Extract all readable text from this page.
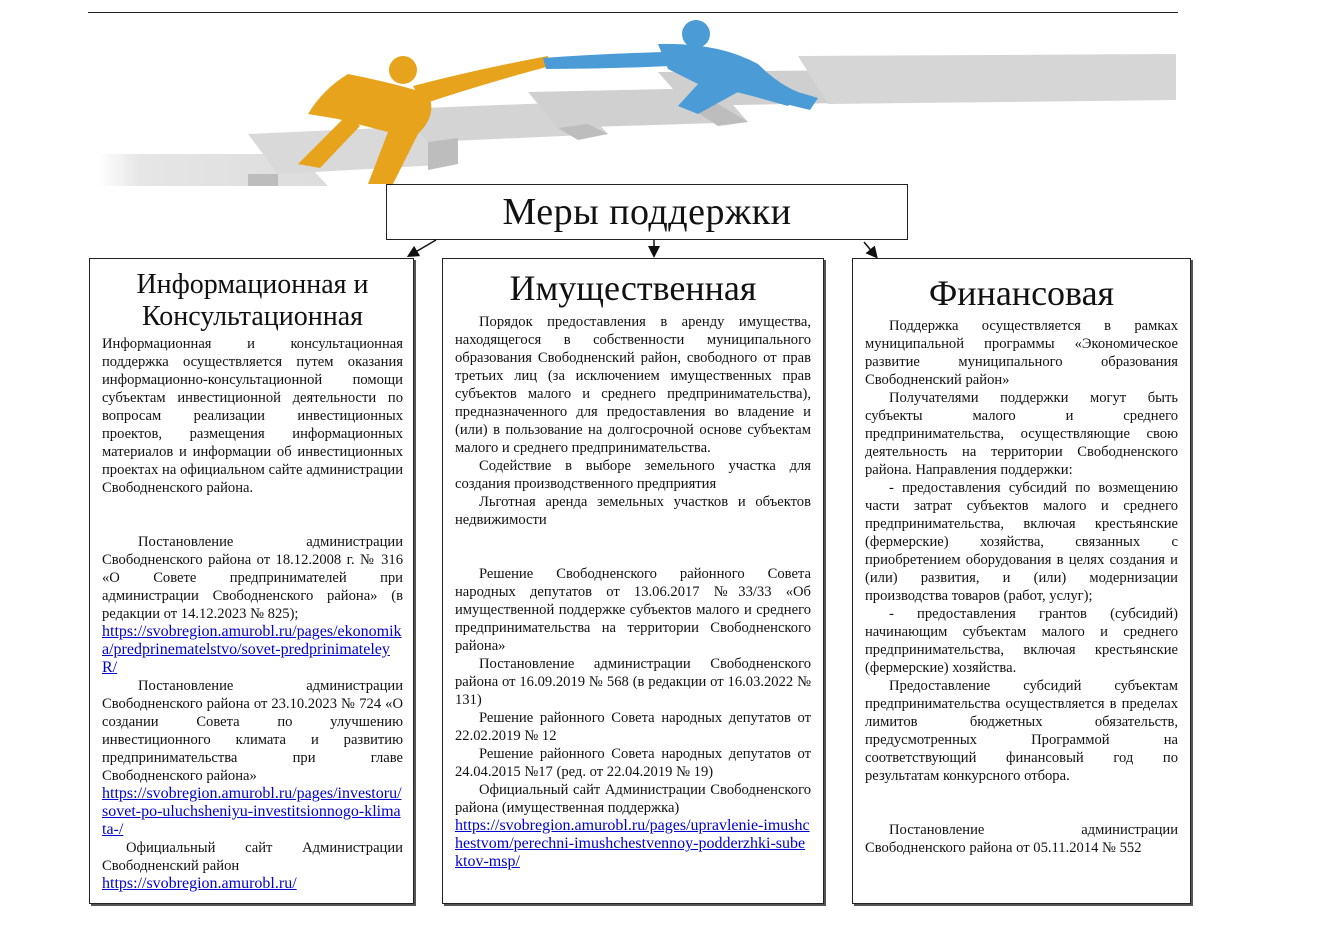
Меры поддержки
Информационная и Консультационная

Информационная и консультационная поддержка осуществляется путем оказания информационно-консультационной помощи субъектам инвестиционной деятельности по вопросам реализации инвестиционных проектов, размещения информационных материалов и информации об инвестиционных проектах на официальном сайте администрации Свободненского района.

Постановление администрации Свободненского района от 18.12.2008 г. № 316 «О Совете предпринимателей при администрации Свободненского района» (в редакции от 14.12.2023 № 825);

https://svobregion.amurobl.ru/pages/ekonomika/predprinematelstvo/sovet-predprinimateleyR/

Постановление администрации Свободненского района от 23.10.2023 № 724 «О создании Совета по улучшению инвестиционного климата и развитию предпринимательства при главе Свободненского района»

https://svobregion.amurobl.ru/pages/investoru/sovet-po-uluchsheniyu-investitsionnogo-klimata-/

Официальный сайт Администрации Свободненский район

https://svobregion.amurobl.ru/
Имущественная

Порядок предоставления в аренду имущества, находящегося в собственности муниципального образования Свободненский район, свободного от прав третьих лиц (за исключением имущественных прав субъектов малого и среднего предпринимательства), предназначенного для предоставления во владение и (или) в пользование на долгосрочной основе субъектам малого и среднего предпринимательства.

Содействие в выборе земельного участка для создания производственного предприятия

Льготная аренда земельных участков и объектов недвижимости

Решение Свободненского районного Совета народных депутатов от 13.06.2017 №33/33 «Об имущественной поддержке субъектов малого и среднего предпринимательства на территории Свободненского района»

Постановление администрации Свободненского района от 16.09.2019 № 568 (в редакции от 16.03.2022 № 131)

Решение районного Совета народных депутатов от 22.02.2019 № 12

Решение районного Совета народных депутатов от 24.04.2015 №17 (ред. от 22.04.2019 № 19)

Официальный сайт Администрации Свободненского района (имущественная поддержка)

https://svobregion.amurobl.ru/pages/upravlenie-imushchestvom/perechni-imushchestvennoy-podderzhki-subektov-msp/
Финансовая

Поддержка осуществляется в рамках муниципальной программы «Экономическое развитие муниципального образования Свободненский район»

Получателями поддержки могут быть субъекты малого и среднего предпринимательства, осуществляющие свою деятельность на территории Свободненского района. Направления поддержки:

- предоставления субсидий по возмещению части затрат субъектов малого и среднего предпринимательства, включая крестьянские (фермерские) хозяйства, связанных с приобретением оборудования в целях создания и (или) развития, и (или) модернизации производства товаров (работ, услуг);

- предоставления грантов (субсидий) начинающим субъектам малого и среднего предпринимательства, включая крестьянские (фермерские) хозяйства.

Предоставление субсидий субъектам предпринимательства осуществляется в пределах лимитов бюджетных обязательств, предусмотренных Программой на соответствующий финансовый год по результатам конкурсного отбора.

Постановление администрации Свободненского района от 05.11.2014 № 552
